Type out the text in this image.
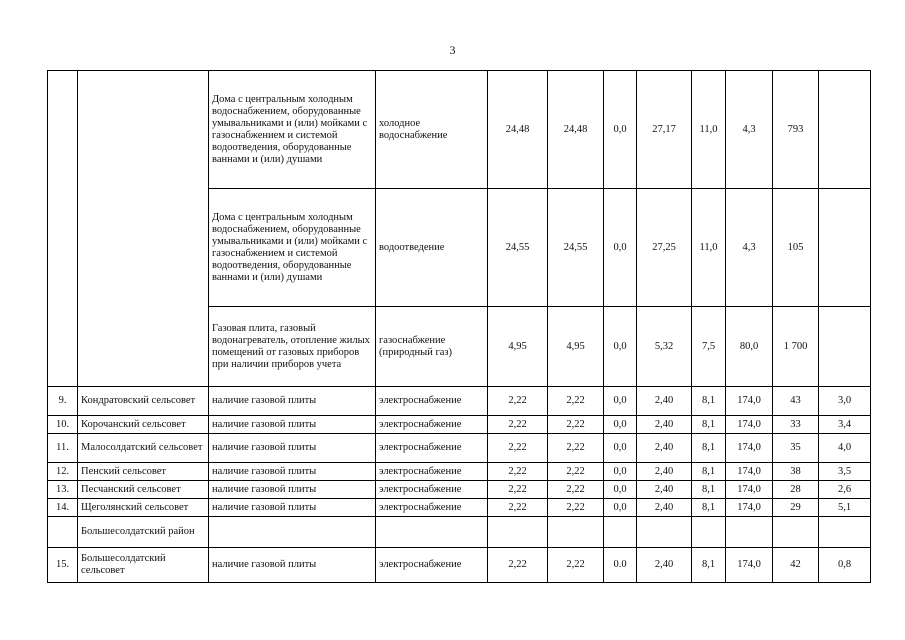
3
		Дома с центральным холодным водоснабжением, оборудованные умывальниками и (или) мойками с газоснабжением и системой водоотведения, оборудованные ваннами и (или) душами	холодное водоснабжение	24,48	24,48	0,0	27,17	11,0	4,3	793	
		Дома с центральным холодным водоснабжением, оборудованные умывальниками и (или) мойками с газоснабжением и системой водоотведения, оборудованные ваннами и (или) душами	водоотведение	24,55	24,55	0,0	27,25	11,0	4,3	105	
		Газовая плита, газовый водонагреватель, отопление жилых помещений от газовых приборов при наличии приборов учета	газоснабжение (природный газ)	4,95	4,95	0,0	5,32	7,5	80,0	1 700	
9.	Кондратовский сельсовет	наличие газовой плиты	электроснабжение	2,22	2,22	0,0	2,40	8,1	174,0	43	3,0
10.	Корочанский сельсовет	наличие газовой плиты	электроснабжение	2,22	2,22	0,0	2,40	8,1	174,0	33	3,4
11.	Малосолдатский сельсовет	наличие газовой плиты	электроснабжение	2,22	2,22	0,0	2,40	8,1	174,0	35	4,0
12.	Пенский сельсовет	наличие газовой плиты	электроснабжение	2,22	2,22	0,0	2,40	8,1	174,0	38	3,5
13.	Песчанский сельсовет	наличие газовой плиты	электроснабжение	2,22	2,22	0,0	2,40	8,1	174,0	28	2,6
14.	Щеголянский сельсовет	наличие газовой плиты	электроснабжение	2,22	2,22	0,0	2,40	8,1	174,0	29	5,1
	Большесолдатский район										
15.	Большесолдатский сельсовет	наличие газовой плиты	электроснабжение	2,22	2,22	0.0	2,40	8,1	174,0	42	0,8
